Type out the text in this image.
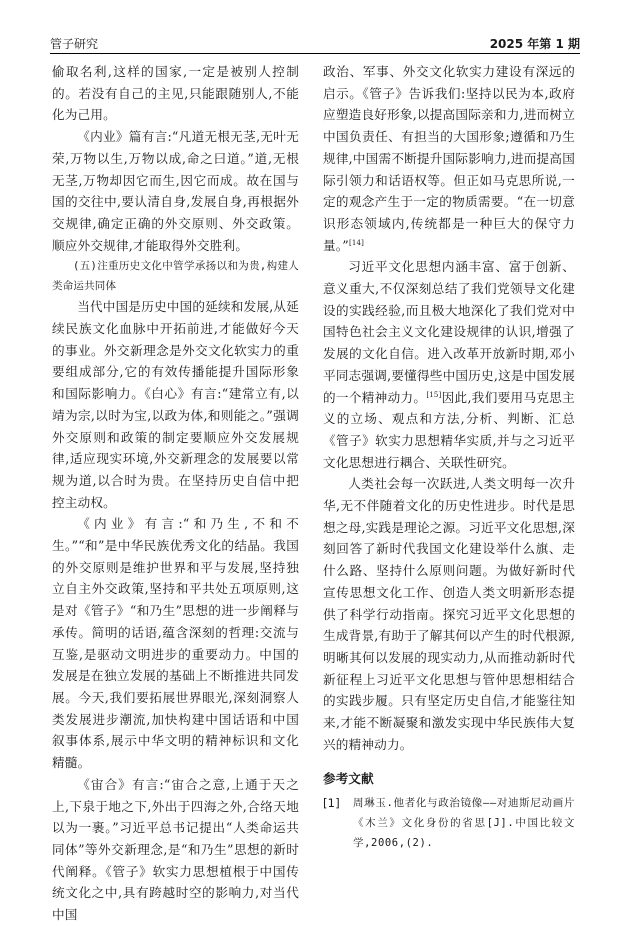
管子研究	2025 年第 1 期

偷取名利,这样的国家,一定是被别人控制的。若没有自己的主见,只能跟随别人,不能化为己用。

《内业》篇有言:“凡道无根无茎,无叶无荣,万物以生,万物以成,命之曰道。”道,无根无茎,万物却因它而生,因它而成。故在国与国的交往中,要认清自身,发展自身,再根据外交规律,确定正确的外交原则、外交政策。顺应外交规律,才能取得外交胜利。

(五)注重历史文化中管学承扬以和为贵,构建人类命运共同体

当代中国是历史中国的延续和发展,从延续民族文化血脉中开拓前进,才能做好今天的事业。外交新理念是外交文化软实力的重要组成部分,它的有效传播能提升国际形象和国际影响力。《白心》有言:“建常立有,以靖为宗,以时为宝,以政为体,和则能之。”强调外交原则和政策的制定要顺应外交发展规律,适应现实环境,外交新理念的发展要以常规为道,以合时为贵。在坚持历史自信中把控主动权。

《内业》有言:“和乃生,不和不生。”“和”是中华民族优秀文化的结晶。我国的外交原则是维护世界和平与发展,坚持独立自主外交政策,坚持和平共处五项原则,这是对《管子》“和乃生”思想的进一步阐释与承传。简明的话语,蕴含深刻的哲理:交流与互鉴,是驱动文明进步的重要动力。中国的发展是在独立发展的基础上不断推进共同发展。今天,我们要拓展世界眼光,深刻洞察人类发展进步潮流,加快构建中国话语和中国叙事体系,展示中华文明的精神标识和文化精髓。

《宙合》有言:“宙合之意,上通于天之上,下泉于地之下,外出于四海之外,合络天地以为一裹。”习近平总书记提出“人类命运共同体”等外交新理念,是“和乃生”思想的新时代阐释。《管子》软实力思想植根于中国传统文化之中,具有跨越时空的影响力,对当代中国

政治、军事、外交文化软实力建设有深远的启示。《管子》告诉我们:坚持以民为本,政府应塑造良好形象,以提高国际亲和力,进而树立中国负责任、有担当的大国形象;遵循和乃生规律,中国需不断提升国际影响力,进而提高国际引领力和话语权等。但正如马克思所说,一定的观念产生于一定的物质需要。“在一切意识形态领域内,传统都是一种巨大的保守力量。”[14]

习近平文化思想内涵丰富、富于创新、意义重大,不仅深刻总结了我们党领导文化建设的实践经验,而且极大地深化了我们党对中国特色社会主义文化建设规律的认识,增强了发展的文化自信。进入改革开放新时期,邓小平同志强调,要懂得些中国历史,这是中国发展的一个精神动力。[15]因此,我们要用马克思主义的立场、观点和方法,分析、判断、汇总《管子》软实力思想精华实质,并与之习近平文化思想进行耦合、关联性研究。

人类社会每一次跃进,人类文明每一次升华,无不伴随着文化的历史性进步。时代是思想之母,实践是理论之源。习近平文化思想,深刻回答了新时代我国文化建设举什么旗、走什么路、坚持什么原则问题。为做好新时代宣传思想文化工作、创造人类文明新形态提供了科学行动指南。探究习近平文化思想的生成背景,有助于了解其何以产生的时代根源,明晰其何以发展的现实动力,从而推动新时代新征程上习近平文化思想与管仲思想相结合的实践步履。只有坚定历史自信,才能鉴往知来,才能不断凝聚和激发实现中华民族伟大复兴的精神动力。

参考文献
[1]	周琳玉.他者化与政治镜像——对迪斯尼动画片《木兰》文化身份的省思[J].中国比较文学,2006,(2).
